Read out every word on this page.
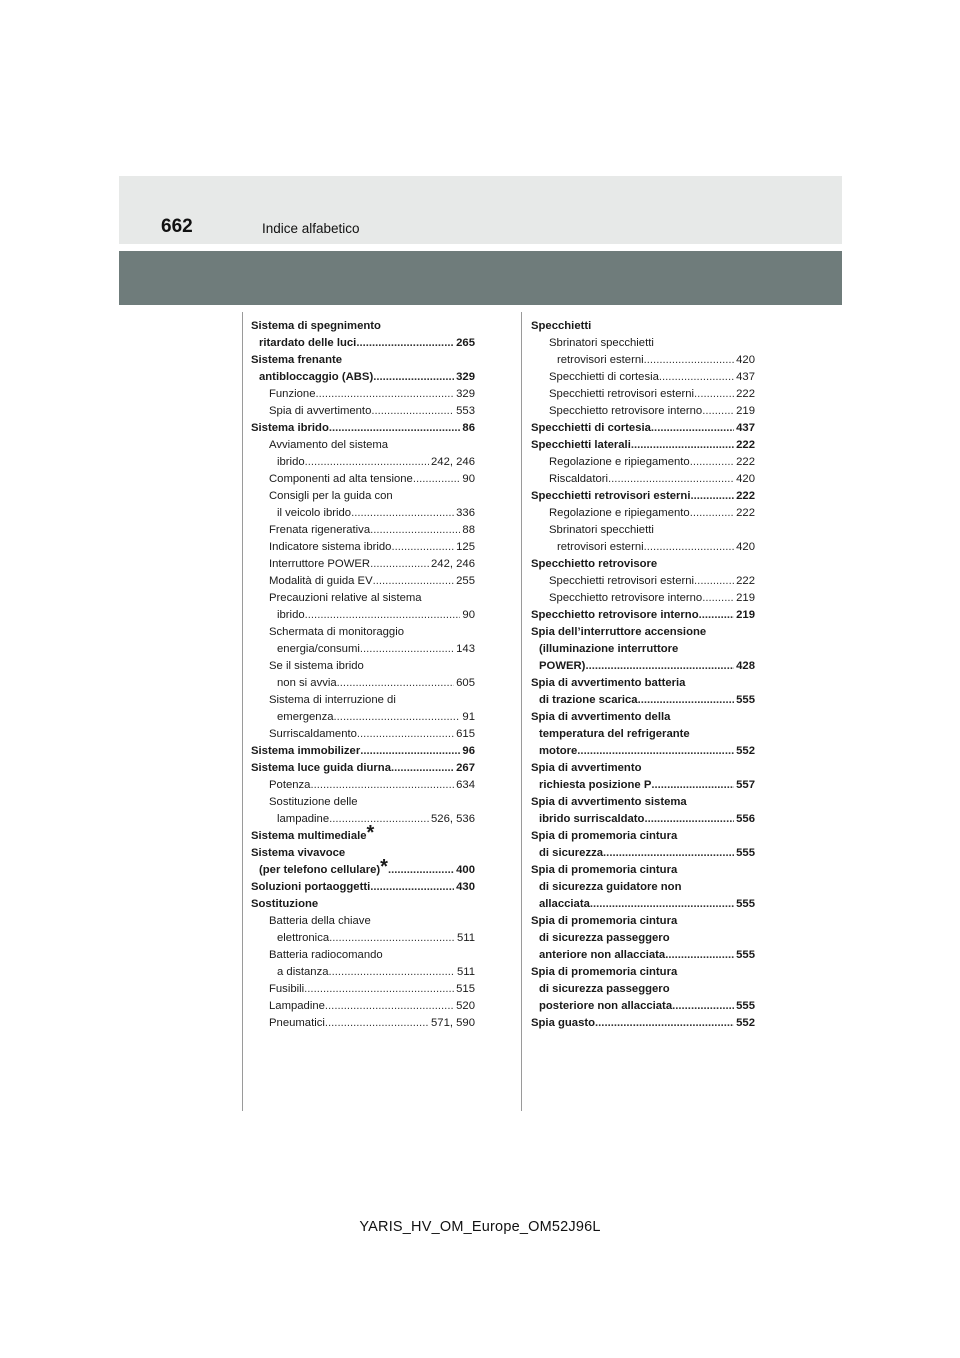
662	Indice alfabetico
Sistema di spegnimento
ritardato delle luci .....	265
Sistema frenante
antibloccaggio (ABS) .....	329
Funzione .....	329
Spia di avvertimento .....	553
Sistema ibrido .....	86
Avviamento del sistema
ibrido .....	242, 246
Componenti ad alta tensione .....	90
Consigli per la guida con
il veicolo ibrido .....	336
Frenata rigenerativa .....	88
Indicatore sistema ibrido .....	125
Interruttore POWER .....	242, 246
Modalità di guida EV .....	255
Precauzioni relative al sistema
ibrido .....	90
Schermata di monitoraggio
energia/consumi .....	143
Se il sistema ibrido
non si avvia .....	605
Sistema di interruzione di
emergenza .....	91
Surriscaldamento .....	615
Sistema immobilizer .....	96
Sistema luce guida diurna .....	267
Potenza .....	634
Sostituzione delle
lampadine .....	526, 536
Sistema multimediale *
Sistema vivavoce
(per telefono cellulare) * .....	400
Soluzioni portaoggetti .....	430
Sostituzione
Batteria della chiave
elettronica .....	511
Batteria radiocomando
a distanza .....	511
Fusibili .....	515
Lampadine .....	520
Pneumatici .....	571, 590
Specchietti
Sbrinatori specchietti
retrovisori esterni .....	420
Specchietti di cortesia .....	437
Specchietti retrovisori esterni .....	222
Specchietto retrovisore interno .....	219
Specchietti di cortesia .....	437
Specchietti laterali .....	222
Regolazione e ripiegamento .....	222
Riscaldatori .....	420
Specchietti retrovisori esterni .....	222
Regolazione e ripiegamento .....	222
Sbrinatori specchietti
retrovisori esterni .....	420
Specchietto retrovisore
Specchietti retrovisori esterni .....	222
Specchietto retrovisore interno .....	219
Specchietto retrovisore interno .....	219
Spia dell’interruttore accensione
(illuminazione interruttore
POWER) .....	428
Spia di avvertimento batteria
di trazione scarica .....	555
Spia di avvertimento della
temperatura del refrigerante
motore .....	552
Spia di avvertimento
richiesta posizione P .....	557
Spia di avvertimento sistema
ibrido surriscaldato .....	556
Spia di promemoria cintura
di sicurezza .....	555
Spia di promemoria cintura
di sicurezza guidatore non
allacciata .....	555
Spia di promemoria cintura
di sicurezza passeggero
anteriore non allacciata .....	555
Spia di promemoria cintura
di sicurezza passeggero
posteriore non allacciata .....	555
Spia guasto .....	552
YARIS_HV_OM_Europe_OM52J96L
